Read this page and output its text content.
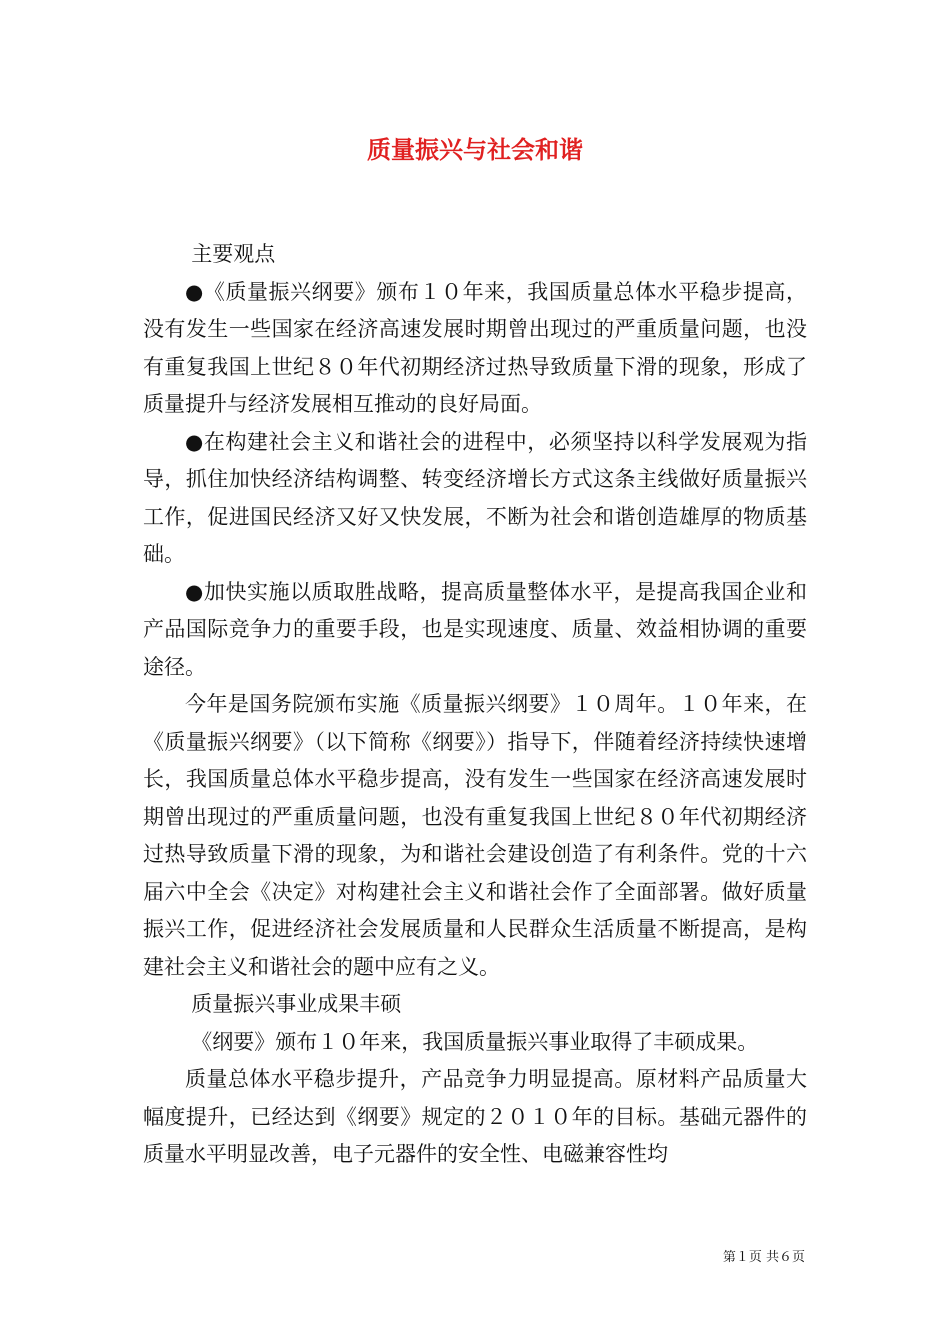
质量振兴与社会和谐

主要观点

●《质量振兴纲要》颁布１０年来，我国质量总体水平稳步提高，没有发生一些国家在经济高速发展时期曾出现过的严重质量问题，也没有重复我国上世纪８０年代初期经济过热导致质量下滑的现象，形成了质量提升与经济发展相互推动的良好局面。

●在构建社会主义和谐社会的进程中，必须坚持以科学发展观为指导，抓住加快经济结构调整、转变经济增长方式这条主线做好质量振兴工作，促进国民经济又好又快发展，不断为社会和谐创造雄厚的物质基础。

●加快实施以质取胜战略，提高质量整体水平，是提高我国企业和产品国际竞争力的重要手段，也是实现速度、质量、效益相协调的重要途径。

今年是国务院颁布实施《质量振兴纲要》１０周年。１０年来，在《质量振兴纲要》（以下简称《纲要》）指导下，伴随着经济持续快速增长，我国质量总体水平稳步提高，没有发生一些国家在经济高速发展时期曾出现过的严重质量问题，也没有重复我国上世纪８０年代初期经济过热导致质量下滑的现象，为和谐社会建设创造了有利条件。党的十六届六中全会《决定》对构建社会主义和谐社会作了全面部署。做好质量振兴工作，促进经济社会发展质量和人民群众生活质量不断提高，是构建社会主义和谐社会的题中应有之义。

质量振兴事业成果丰硕

《纲要》颁布１０年来，我国质量振兴事业取得了丰硕成果。

质量总体水平稳步提升，产品竞争力明显提高。原材料产品质量大幅度提升，已经达到《纲要》规定的２０１０年的目标。基础元器件的质量水平明显改善，电子元器件的安全性、电磁兼容性均

第１页 共６页
